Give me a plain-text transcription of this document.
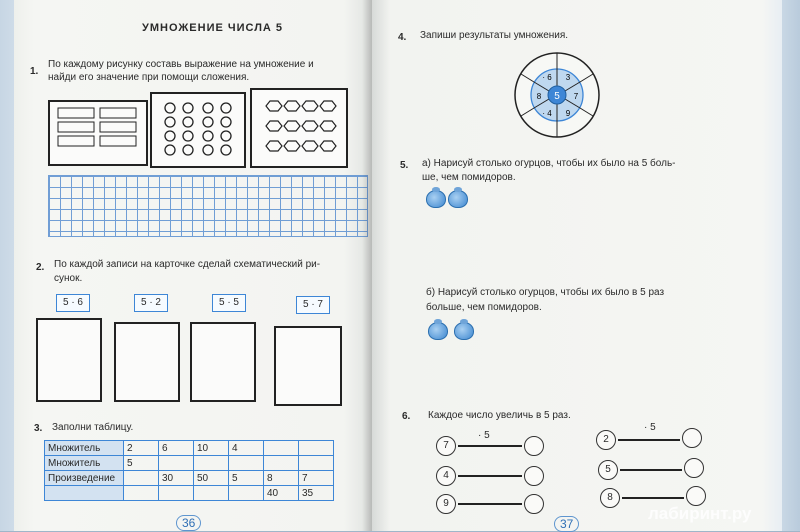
УМНОЖЕНИЕ ЧИСЛА 5
1.
По каждому рисунку составь выражение на умножение и
найди его значение при помощи сложения.
2. По каждой записи на карточке сделай схематический ри-
сунок.
5 · 6	5 · 2	5 · 5	5 · 7
3. Заполни таблицу.
Множитель	2	6	10	4		
Множитель	5					
Произведение		30	50	5	8	7
					40	35
36
4. Запиши результаты умножения.
5
· 6 3
7
9
· 4
8
5. а) Нарисуй столько огурцов, чтобы их было на 5 боль-
ше, чем помидоров.
б) Нарисуй столько огурцов, чтобы их было в 5 раз
больше, чем помидоров.
6. Каждое число увеличь в 5 раз.
· 5
7
4
9
· 5
2
5
8
37
лабиринт.ру
